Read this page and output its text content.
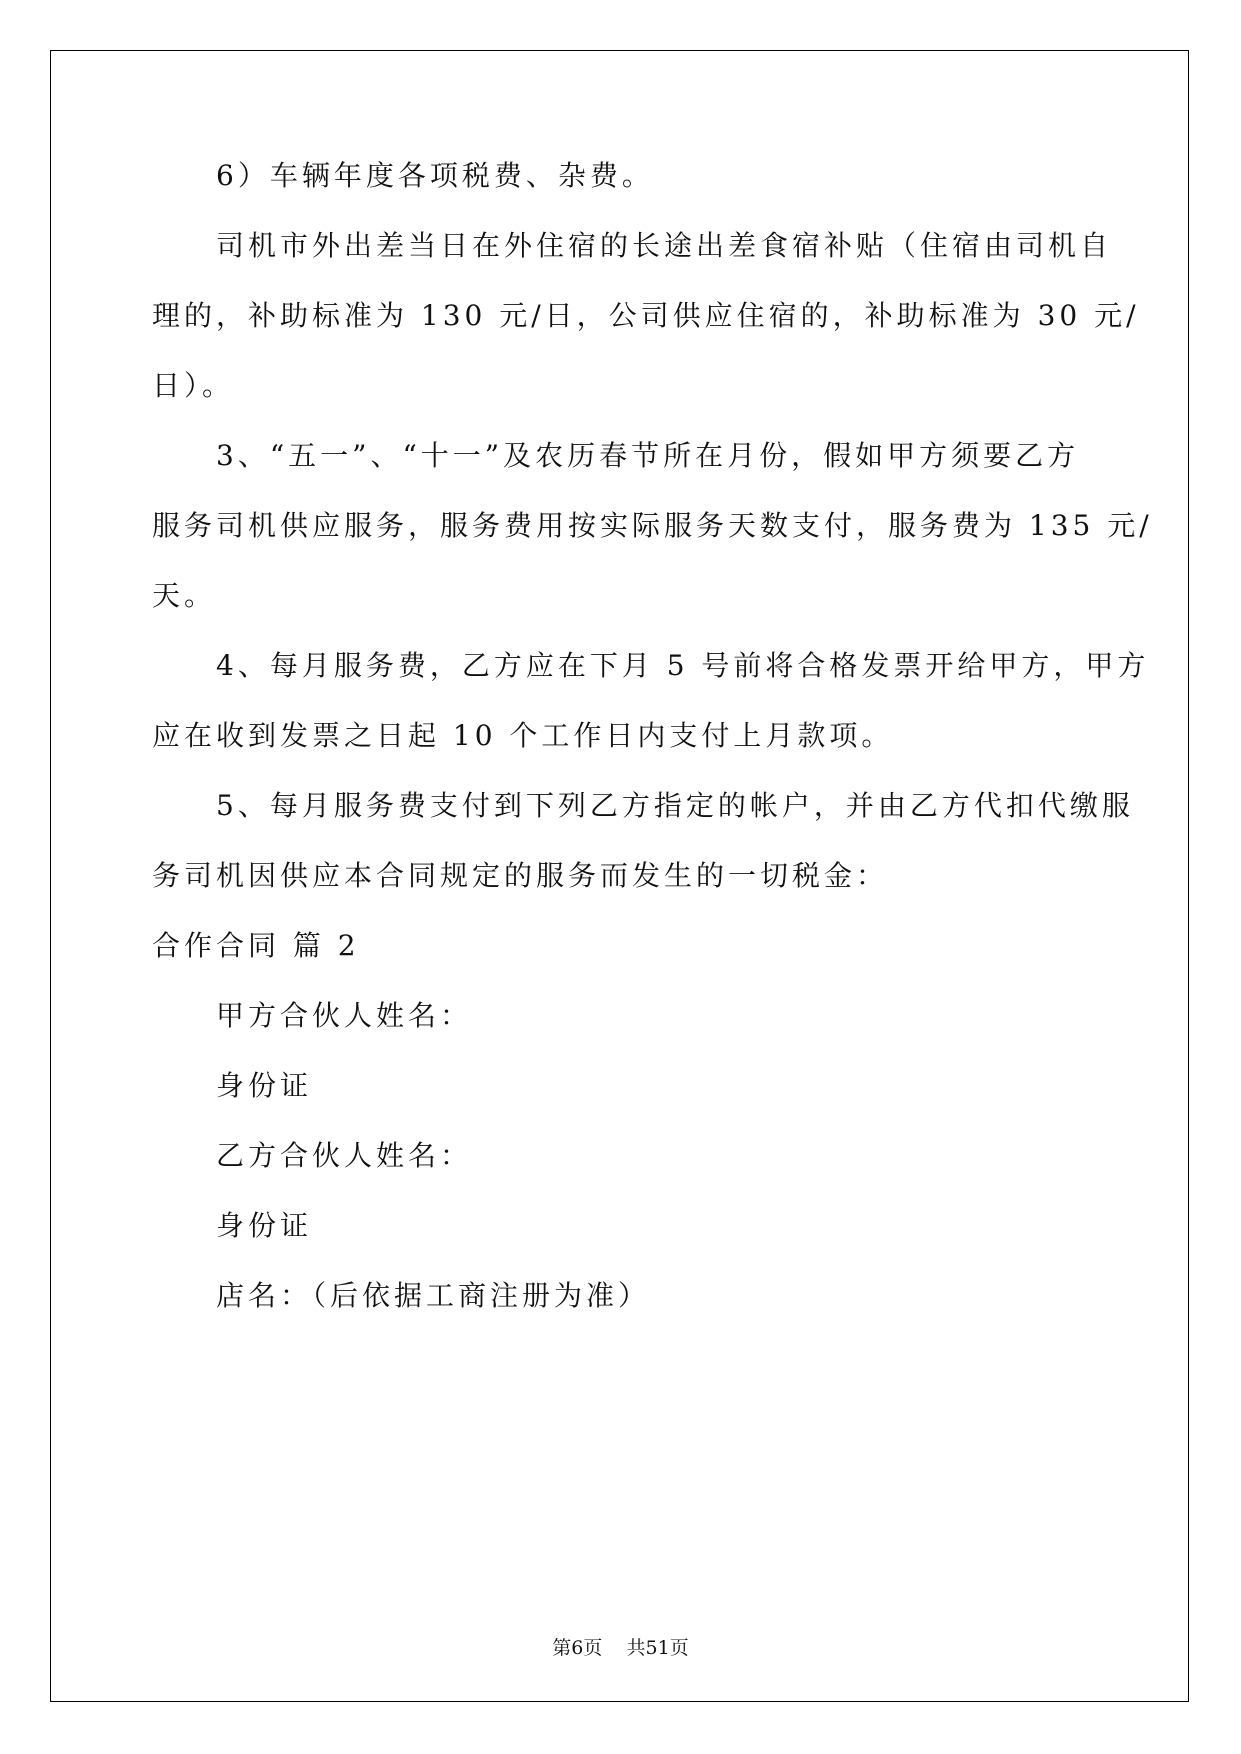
6）车辆年度各项税费、杂费。
司机市外出差当日在外住宿的长途出差食宿补贴（住宿由司机自
理的，补助标准为 130 元/日，公司供应住宿的，补助标准为 30 元/
日）。
3、“五一”、“十一”及农历春节所在月份，假如甲方须要乙方
服务司机供应服务，服务费用按实际服务天数支付，服务费为 135 元/
天。
4、每月服务费，乙方应在下月 5 号前将合格发票开给甲方，甲方
应在收到发票之日起 10 个工作日内支付上月款项。
5、每月服务费支付到下列乙方指定的帐户，并由乙方代扣代缴服
务司机因供应本合同规定的服务而发生的一切税金：
合作合同 篇 2
甲方合伙人姓名：
身份证
乙方合伙人姓名：
身份证
店名：（后依据工商注册为准）
第6页 共51页
